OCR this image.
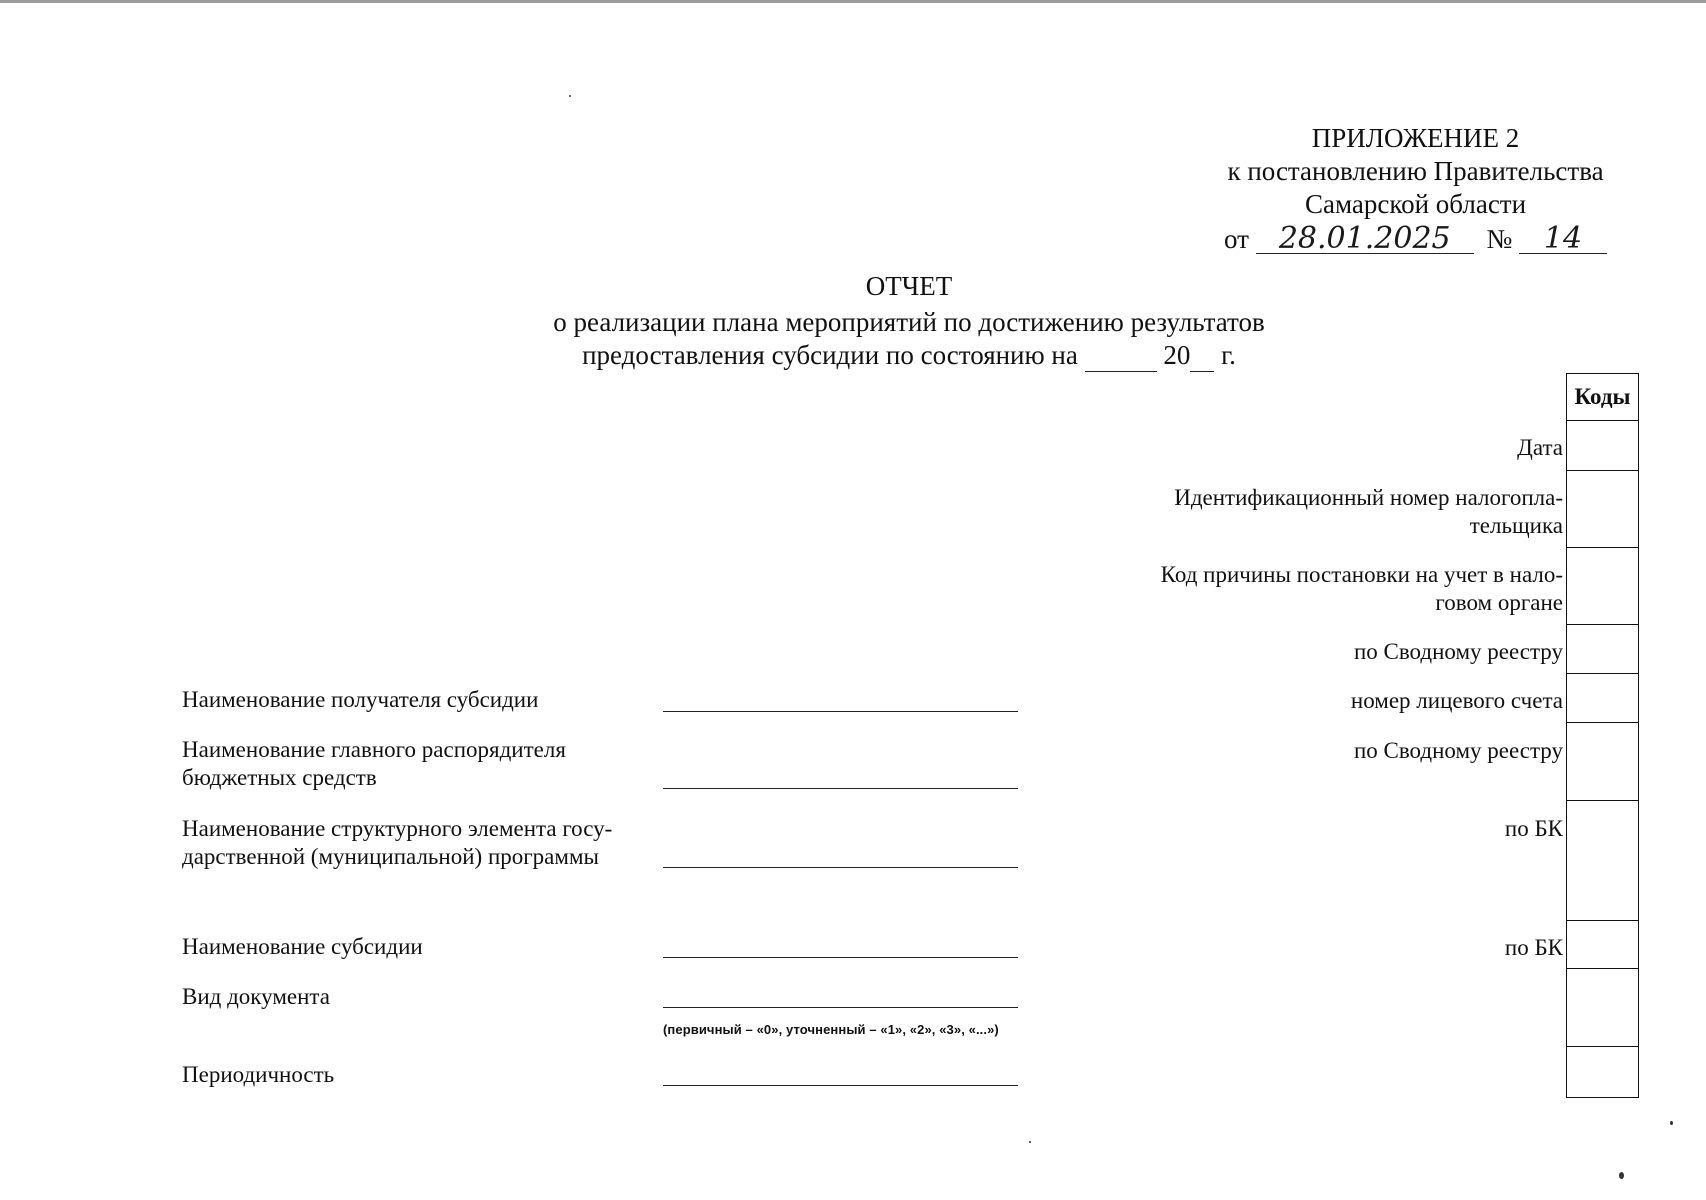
ПРИЛОЖЕНИЕ 2
к постановлению Правительства
Самарской области
от 28.01.2025 № 14
ОТЧЕТ
о реализации плана мероприятий по достижению результатов
предоставления субсидии по состоянию на	20 г.
Коды
Дата
Идентификационный номер налогопла-
тельщика
Код причины постановки на учет в нало-
говом органе
по Сводному реестру
номер лицевого счета
по Сводному реестру
по БК
по БК
Наименование получателя субсидии
Наименование главного распорядителя
бюджетных средств
Наименование структурного элемента госу-
дарственной (муниципальной) программы
Наименование субсидии
Вид документа
(первичный – «0», уточненный – «1», «2», «3», «...»)
Периодичность
